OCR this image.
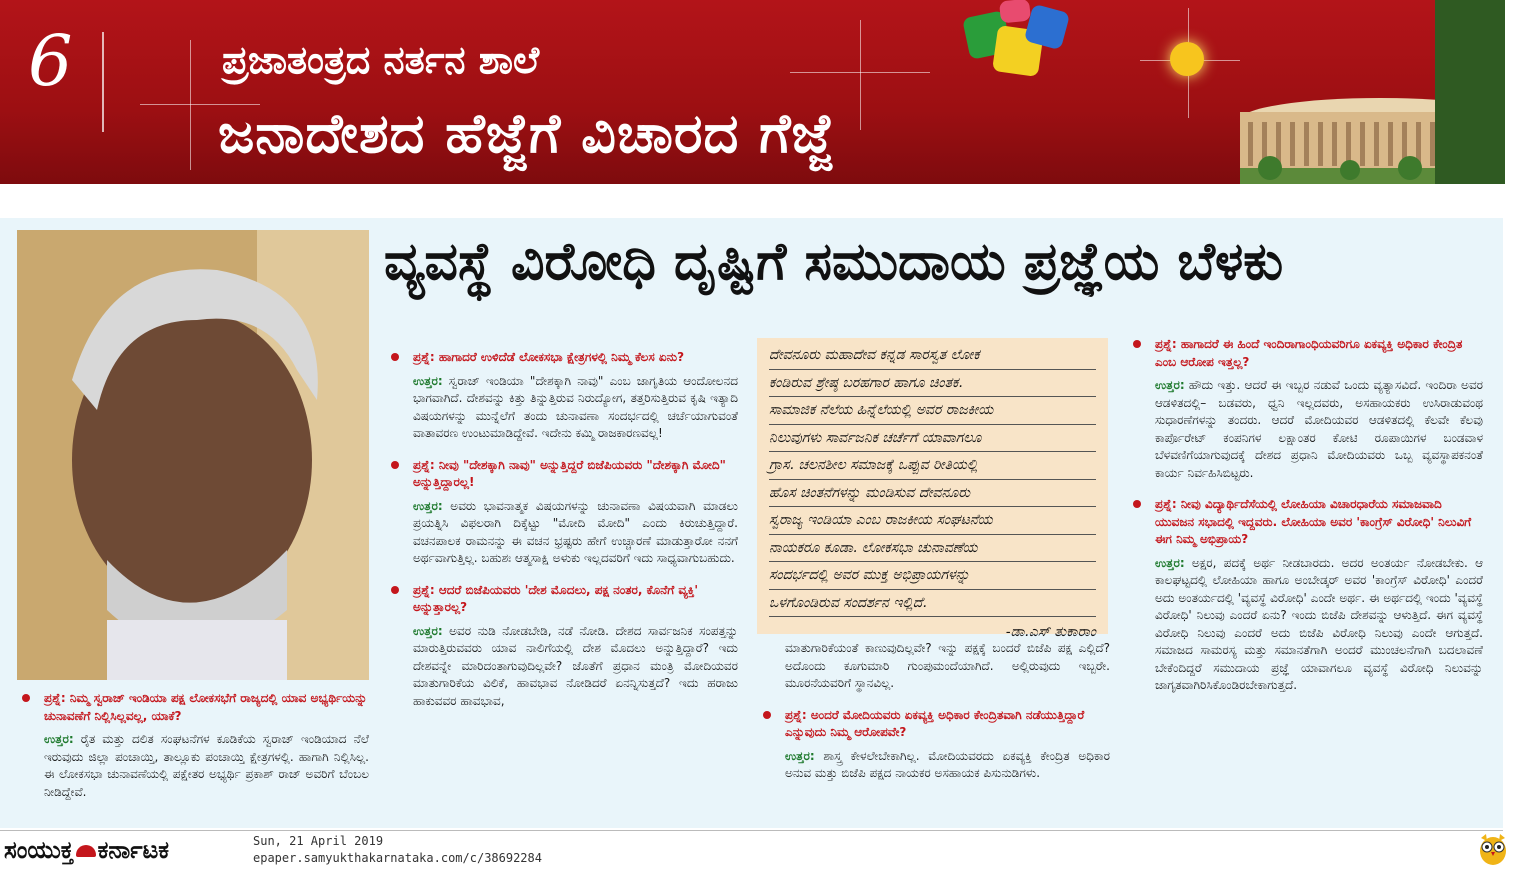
6	ಪ್ರಜಾತಂತ್ರದ ನರ್ತನ ಶಾಲೆ
ಜನಾದೇಶದ ಹೆಜ್ಜೆಗೆ ವಿಚಾರದ ಗೆಜ್ಜೆ
ವ್ಯವಸ್ಥೆ ವಿರೋಧಿ ದೃಷ್ಟಿಗೆ ಸಮುದಾಯ ಪ್ರಜ್ಞೆಯ ಬೆಳಕು
ಪ್ರಶ್ನೆ: ನಿಮ್ಮ ಸ್ವರಾಜ್ ಇಂಡಿಯಾ ಪಕ್ಷ ಲೋಕಸಭೆಗೆ ರಾಜ್ಯದಲ್ಲಿ ಯಾವ ಅಭ್ಯರ್ಥಿಯನ್ನು ಚುನಾವಣೆಗೆ ನಿಲ್ಲಿಸಿಲ್ಲವಲ್ಲ, ಯಾಕೆ?
ಉತ್ತರ: ರೈತ ಮತ್ತು ದಲಿತ ಸಂಘಟನೆಗಳ ಕೂಡಿಕೆಯ ಸ್ವರಾಜ್ ಇಂಡಿಯಾದ ನೆಲೆ ಇರುವುದು ಜಿಲ್ಲಾ ಪಂಚಾಯ್ತಿ, ತಾಲ್ಲೂಕು ಪಂಚಾಯ್ತಿ ಕ್ಷೇತ್ರಗಳಲ್ಲಿ. ಹಾಗಾಗಿ ನಿಲ್ಲಿಸಿಲ್ಲ. ಈ ಲೋಕಸಭಾ ಚುನಾವಣೆಯಲ್ಲಿ ಪಕ್ಷೇತರ ಅಭ್ಯರ್ಥಿ ಪ್ರಕಾಶ್ ರಾಜ್ ಅವರಿಗೆ ಬೆಂಬಲ ನೀಡಿದ್ದೇವೆ.
ಪ್ರಶ್ನೆ: ಹಾಗಾದರೆ ಉಳಿದೆಡೆ ಲೋಕಸಭಾ ಕ್ಷೇತ್ರಗಳಲ್ಲಿ ನಿಮ್ಮ ಕೆಲಸ ಏನು?
ಉತ್ತರ: ಸ್ವರಾಜ್ ಇಂಡಿಯಾ "ದೇಶಕ್ಕಾಗಿ ನಾವು" ಎಂಬ ಜಾಗೃತಿಯ ಆಂದೋಲನದ ಭಾಗವಾಗಿದೆ. ದೇಶವನ್ನು ಕಿತ್ತು ತಿನ್ನುತ್ತಿರುವ ನಿರುದ್ಯೋಗ, ತತ್ತರಿಸುತ್ತಿರುವ ಕೃಷಿ ಇತ್ಯಾದಿ ವಿಷಯಗಳನ್ನು ಮುನ್ನೆಲೆಗೆ ತಂದು ಚುನಾವಣಾ ಸಂದರ್ಭದಲ್ಲಿ ಚರ್ಚೆಯಾಗುವಂತೆ ವಾತಾವರಣ ಉಂಟುಮಾಡಿದ್ದೇವೆ. ಇದೇನು ಕಮ್ಮಿ ರಾಜಕಾರಣವಲ್ಲ!
ಪ್ರಶ್ನೆ: ನೀವು "ದೇಶಕ್ಕಾಗಿ ನಾವು" ಅನ್ನುತ್ತಿದ್ದರೆ ಬಿಜೆಪಿಯವರು "ದೇಶಕ್ಕಾಗಿ ಮೋದಿ" ಅನ್ನುತ್ತಿದ್ದಾರಲ್ಲ!
ಉತ್ತರ: ಅವರು ಭಾವನಾತ್ಮಕ ವಿಷಯಗಳನ್ನು ಚುನಾವಣಾ ವಿಷಯವಾಗಿ ಮಾಡಲು ಪ್ರಯತ್ನಿಸಿ ವಿಫಲರಾಗಿ ದಿಕ್ಕೆಟ್ಟು "ಮೋದಿ ಮೋದಿ" ಎಂದು ಕಿರುಚುತ್ತಿದ್ದಾರೆ. ವಚನಪಾಲಕ ರಾಮನನ್ನು ಈ ವಚನ ಭ್ರಷ್ಟರು ಹೇಗೆ ಉಚ್ಚಾರಣೆ ಮಾಡುತ್ತಾರೋ ನನಗೆ ಅರ್ಥವಾಗುತ್ತಿಲ್ಲ. ಬಹುಶಃ ಆತ್ಮಸಾಕ್ಷಿ ಅಳುಕು ಇಲ್ಲದವರಿಗೆ ಇದು ಸಾಧ್ಯವಾಗುಬಹುದು.
ಪ್ರಶ್ನೆ: ಆದರೆ ಬಿಜೆಪಿಯವರು 'ದೇಶ ಮೊದಲು, ಪಕ್ಷ ನಂತರ, ಕೊನೆಗೆ ವ್ಯಕ್ತಿ' ಅನ್ನುತ್ತಾರಲ್ಲ?
ಉತ್ತರ: ಅವರ ನುಡಿ ನೋಡಬೇಡಿ, ನಡೆ ನೋಡಿ. ದೇಶದ ಸಾರ್ವಜನಿಕ ಸಂಪತ್ತನ್ನು ಮಾರುತ್ತಿರುವವರು ಯಾವ ನಾಲಿಗೆಯಲ್ಲಿ ದೇಶ ಮೊದಲು ಅನ್ನುತ್ತಿದ್ದಾರೆ? ಇದು ದೇಶವನ್ನೇ ಮಾರಿದಂತಾಗುವುದಿಲ್ಲವೇ? ಜೊತೆಗೆ ಪ್ರಧಾನ ಮಂತ್ರಿ ಮೋದಿಯವರ ಮಾತುಗಾರಿಕೆಯ ವಿಲಿಕೆ, ಹಾವಭಾವ ನೋಡಿದರೆ ಏನನ್ನಿಸುತ್ತದೆ? ಇದು ಹರಾಜು ಹಾಕುವವರ ಹಾವಭಾವ,
ದೇವನೂರು ಮಹಾದೇವ ಕನ್ನಡ ಸಾರಸ್ವತ ಲೋಕ
ಕಂಡಿರುವ ಶ್ರೇಷ್ಠ ಬರಹಗಾರ ಹಾಗೂ ಚಿಂತಕ.
ಸಾಮಾಜಿಕ ನೆಲೆಯ ಹಿನ್ನೆಲೆಯಲ್ಲಿ ಅವರ ರಾಜಕೀಯ
ನಿಲುವುಗಳು ಸಾರ್ವಜನಿಕ ಚರ್ಚೆಗೆ ಯಾವಾಗಲೂ
ಗ್ರಾಸ. ಚಲನಶೀಲ ಸಮಾಜಕ್ಕೆ ಒಪ್ಪುವ ರೀತಿಯಲ್ಲಿ
ಹೊಸ ಚಿಂತನೆಗಳನ್ನು ಮಂಡಿಸುವ ದೇವನೂರು
ಸ್ವರಾಜ್ಯ ಇಂಡಿಯಾ ಎಂಬ ರಾಜಕೀಯ ಸಂಘಟನೆಯ
ನಾಯಕರೂ ಕೂಡಾ. ಲೋಕಸಭಾ ಚುನಾವಣೆಯ
ಸಂದರ್ಭದಲ್ಲಿ ಅವರ ಮುಕ್ತ ಅಭಿಪ್ರಾಯಗಳನ್ನು
ಒಳಗೊಂಡಿರುವ ಸಂದರ್ಶನ ಇಲ್ಲಿದೆ.
-ಡಾ.ಎಸ್ ತುಕಾರಾಂ
ಮಾತುಗಾರಿಕೆಯಂತೆ ಕಾಣುವುದಿಲ್ಲವೇ? ಇನ್ನು ಪಕ್ಷಕ್ಕೆ ಬಂದರೆ ಬಿಜೆಪಿ ಪಕ್ಷ ಎಲ್ಲಿದೆ? ಅದೊಂದು ಕೂಗುಮಾರಿ ಗುಂಪುಮಂದೆಯಾಗಿದೆ. ಅಲ್ಲಿರುವುದು ಇಬ್ಬರೇ. ಮೂರನೆಯವರಿಗೆ ಸ್ಥಾನವಿಲ್ಲ.
ಪ್ರಶ್ನೆ: ಅಂದರೆ ಮೋದಿಯವರು ಏಕವ್ಯಕ್ತಿ ಅಧಿಕಾರ ಕೇಂದ್ರಿತವಾಗಿ ನಡೆಯುತ್ತಿದ್ದಾರೆ ಎನ್ನುವುದು ನಿಮ್ಮ ಆರೋಪವೇ?
ಉತ್ತರ: ಶಾಸ್ತ್ರ ಕೇಳಲೇಬೇಕಾಗಿಲ್ಲ. ಮೋದಿಯವರದು ಏಕವ್ಯಕ್ತಿ ಕೇಂದ್ರಿತ ಅಧಿಕಾರ ಅನುವ ಮತ್ತು ಬಿಜೆಪಿ ಪಕ್ಷದ ನಾಯಕರ ಅಸಹಾಯಕ ಪಿಸುನುಡಿಗಳು.
ಪ್ರಶ್ನೆ: ಹಾಗಾದರೆ ಈ ಹಿಂದೆ ಇಂದಿರಾಗಾಂಧಿಯವರಿಗೂ ಏಕವ್ಯಕ್ತಿ ಅಧಿಕಾರ ಕೇಂದ್ರಿತ ಎಂಬ ಆರೋಪ ಇತ್ತಲ್ಲ?
ಉತ್ತರ: ಹೌದು ಇತ್ತು. ಆದರೆ ಈ ಇಬ್ಬರ ನಡುವೆ ಒಂದು ವ್ಯತ್ಯಾಸವಿದೆ. ಇಂದಿರಾ ಅವರ ಆಡಳಿತದಲ್ಲಿ– ಬಡವರು, ಧ್ವನಿ ಇಲ್ಲದವರು, ಅಸಹಾಯಕರು ಉಸಿರಾಡುವಂಥ ಸುಧಾರಣೆಗಳನ್ನು ತಂದರು. ಆದರೆ ಮೋದಿಯವರ ಆಡಳಿತದಲ್ಲಿ ಕೆಲವೇ ಕೆಲವು ಕಾರ್ಪೊರೇಟ್ ಕಂಪನಿಗಳ ಲಕ್ಷಾಂತರ ಕೋಟಿ ರೂಪಾಯಿಗಳ ಬಂಡವಾಳ ಬೆಳವಣಿಗೆಯಾಗುವುದಕ್ಕೆ ದೇಶದ ಪ್ರಧಾನಿ ಮೋದಿಯವರು ಒಬ್ಬ ವ್ಯವಸ್ಥಾಪಕನಂತೆ ಕಾರ್ಯ ನಿರ್ವಹಿಸಿಬಿಟ್ಟರು.
ಪ್ರಶ್ನೆ: ನೀವು ವಿದ್ಯಾರ್ಥಿದೆಸೆಯಲ್ಲಿ ಲೋಹಿಯಾ ವಿಚಾರಧಾರೆಯ ಸಮಾಜವಾದಿ ಯುವಜನ ಸಭಾದಲ್ಲಿ ಇದ್ದವರು. ಲೋಹಿಯಾ ಅವರ 'ಕಾಂಗ್ರೆಸ್ ವಿರೋಧಿ' ನಿಲುವಿಗೆ ಈಗ ನಿಮ್ಮ ಅಭಿಪ್ರಾಯ?
ಉತ್ತರ: ಅಕ್ಷರ, ಪದಕ್ಕೆ ಅರ್ಥ ನೀಡಬಾರದು. ಅದರ ಅಂತರ್ಯ ನೋಡಬೇಕು. ಆ ಕಾಲಘಟ್ಟದಲ್ಲಿ ಲೋಹಿಯಾ ಹಾಗೂ ಅಂಬೇಡ್ಕರ್ ಅವರ 'ಕಾಂಗ್ರೆಸ್ ವಿರೋಧಿ' ಎಂದರೆ ಅದು ಅಂತರ್ಯದಲ್ಲಿ 'ವ್ಯವಸ್ಥೆ ವಿರೋಧಿ' ಎಂದೇ ಅರ್ಥ. ಈ ಅರ್ಥದಲ್ಲಿ ಇಂದು 'ವ್ಯವಸ್ಥೆ ವಿರೋಧಿ' ನಿಲುವು ಎಂದರೆ ಏನು? ಇಂದು ಬಿಜೆಪಿ ದೇಶವನ್ನು ಆಳುತ್ತಿದೆ. ಈಗ ವ್ಯವಸ್ಥೆ ವಿರೋಧಿ ನಿಲುವು ಎಂದರೆ ಅದು ಬಿಜೆಪಿ ವಿರೋಧಿ ನಿಲುವು ಎಂದೇ ಆಗುತ್ತದೆ. ಸಮಾಜದ ಸಾಮರಸ್ಯ ಮತ್ತು ಸಮಾನತೆಗಾಗಿ ಅಂದರೆ ಮುಂಚಲನೆಗಾಗಿ ಬದಲಾವಣೆ ಬೇಕೆಂದಿದ್ದರೆ ಸಮುದಾಯ ಪ್ರಜ್ಞೆ ಯಾವಾಗಲೂ ವ್ಯವಸ್ಥೆ ವಿರೋಧಿ ನಿಲುವನ್ನು ಜಾಗೃತವಾಗಿರಿಸಿಕೊಂಡಿರಬೇಕಾಗುತ್ತದೆ.
ಸಂಯುಕ್ತ ಕರ್ನಾಟಕ	Sun, 21 April 2019
epaper.samyukthakarnataka.com/c/38692284
